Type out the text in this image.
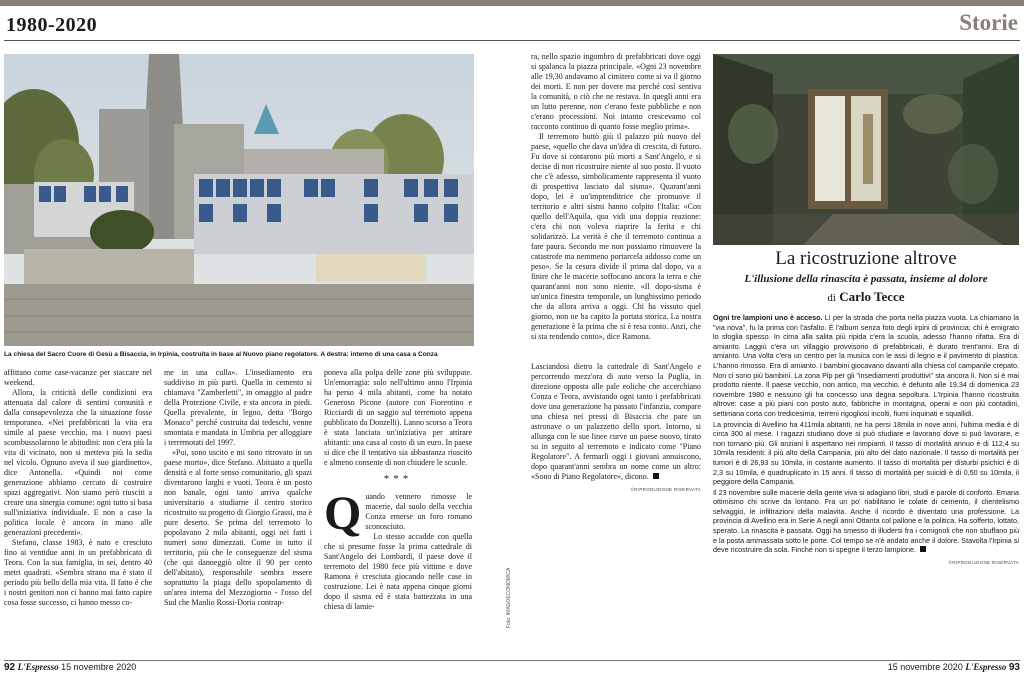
1980-2020	Storie
La chiesa del Sacro Cuore di Gesù a Bisaccia, in Irpinia, costruita in base al Nuovo piano regolatore. A destra: interno di una casa a Conza

affittano come case-vacanze per staccare nel weekend.

Allora, la criticità delle condizioni era attenuata dal calore di sentirsi comunità e dalla consapevolezza che la situazione fosse temporanea. «Nei prefabbricati la vita era simile al paese vecchio, ma i nuovi paesi scombussolarono le abitudini: non c'era più la vita di vicinato, non si metteva più la sedia nel vicolo. Ognuno aveva il suo giardinetto», dice Antonella. «Quindi noi come generazione abbiamo cercato di costruire spazi aggregativi. Non siamo però riusciti a creare una sinergia comune: ogni tutto si basa sull'iniziativa individuale. E non a caso la politica locale è ancora in mano alle generazioni precedenti».

Stefano, classe 1983, è nato e cresciuto fino ai ventidue anni in un prefabbricato di Teora. Con la sua famiglia, in sei, dentro 40 metri quadrati. «Sembra strano ma è stato il periodo più bello della mia vita. Il fatto è che i nostri genitori non ci hanno mai fatto capire cosa fosse successo, ci hanno messo co-

me in una culla». L'insediamento era suddiviso in più parti. Quella in cemento si chiamava "Zamberletti", in omaggio al padre della Protezione Civile, e sta ancora in piedi. Quella prevalente, in legno, detta "Borgo Monaco" perché costruita dai tedeschi, venne smontata e mandata in Umbria per alloggiare i terremotati del 1997.

«Poi, sono uscito e mi sono ritrovato in un paese morto», dice Stefano. Abituato a quella densità e al forte senso comunitario, gli spazi diventarono larghi e vuoti. Teora è un posto non banale, ogni tanto arriva qualche universitario a studiarne il centro storico ricostruito su progetto di Giorgio Grassi, ma è pure deserto. Se prima del terremoto lo popolavano 2 mila abitanti, oggi nei fatti i numeri sono dimezzati. Come in tutto il territorio, più che le conseguenze del sisma (che qui danneggiò oltre il 90 per cento dell'abitato), responsabile sembra essere soprattutto la piaga dello spopolamento di un'area interna del Mezzogiorno - l'osso del Sud che Manlio Rossi-Doria contrap-

poneva alla polpa delle zone più sviluppate. Un'emorragia: solo nell'ultimo anno l'Irpinia ha perso 4 mila abitanti, come ha notato Generoso Picone (autore con Fiorentino e Ricciardi di un saggio sul terremoto appena pubblicato da Donzelli). Lanno scorso a Teora è stata lanciata un'iniziativa per attirare abitanti: una casa al costo di un euro. In paese si dice che il tentativo sia abbastanza riuscito e almeno consente di non chiudere le scuole.

***

Quando vennero rimosse le macerie, dal suolo della vecchia Conza emerse un foro romano sconosciuto.

Lo stesso accadde con quella che si presume fosse la prima cattedrale di Sant'Angelo dei Lombardi, il paese dove il terremoto del 1980 fece più vittime e dove Ramona è cresciuta giocando nelle case in costruzione. Lei è nata appena cinque giorni dopo il sisma ed è stata battezzata in una chiesa di lamie-

ra, nello spazio ingombro di prefabbricati dove oggi si spalanca la piazza principale. «Ogni 23 novembre alle 19,30 andavamo al cimitero come si va il giorno dei morti. E non per dovere ma perché così sentiva la comunità, o ciò che ne restava. In quegli anni era un lutto perenne, non c'erano feste pubbliche e non c'erano processioni. Noi intanto crescevamo col racconto continuo di quanto fosse meglio prima».

Il terremoto buttò giù il palazzo più nuovo del paese, «quello che dava un'idea di crescita, di futuro. Fu dove si contarono più morti a Sant'Angelo, e si decise di non ricostruire niente al suo posto. Il vuoto che c'è adesso, simbolicamente rappresenta il vuoto di prospettiva lasciato dal sisma». Quarant'anni dopo, lei è un'imprenditrice che promuove il territorio e altri sismi hanno colpito l'Italia: «Con quello dell'Aquila, qua vidi una doppia reazione: c'era chi non voleva riaprire la ferita e chi solidarizzò. La verità è che il terremoto continua a fare paura. Secondo me non possiamo rimuovere la catastrofe ma nemmeno portarcela addosso come un peso». Se la cesura divide il prima dal dopo, va a finire che le macerie soffocano ancora la terra e che quarant'anni non sono niente. «Il dopo-sisma è un'unica finestra temporale, un lunghissimo periodo che da allora arriva a oggi. Chi ha vissuto quel giorno, non ne ha capito la portata storica. La nostra generazione è la prima che si è resa conto. Anzi, che si sta rendendo conto», dice Ramona.

Lasciandosi dietro la cattedrale di Sant'Angelo e percorrendo mezz'ora di auto verso la Puglia, in direzione opposta alle pale eoliche che accerchiano Conza e Teora, avvistando ogni tanto i prefabbricati dove una generazione ha passato l'infanzia, compare una chiesa nei pressi di Bisaccia che pare un astronave o un palazzetto dello sport. Intorno, si allunga con le sue linee curve un paese nuovo, tirato su in seguito al terremoto e indicato come "Piano Regolatore". A fermarli oggi i giovani annuiscono, dopo quarant'anni sembra un nome come un altro: «Sono di Piano Regolatore», dicono.

©RIPRODUZIONE RISERVATA
Foto: IMAGOECONOMICA
La ricostruzione altrove
L'illusione della rinascita è passata, insieme al dolore
di Carlo Tecce

Ogni tre lampioni uno è acceso. Lì per la strada che porta nella piazza vuota. La chiamano la "via nova", fu la prima con l'asfalto. È l'album senza foto degli irpini di provincia; chi è emigrato lo sfoglia spesso. In cima alla salita più ripida c'era la scuola, adesso l'hanno rifatta. Era di amianto. Laggiù c'era un villaggio provvisorio di prefabbricati, è durato trent'anni. Era di amianto. Una volta c'era un centro per la musica con le assi di legno e il pavimento di plastica. L'hanno rimosso. Era di amianto. I bambini giocavano davanti alla chiesa col campanile crepato. Non ci sono più bambini. La zona Pip per gli "insediamenti produttivi" sta ancora lì. Non si è mai prodotto niente. Il paese vecchio, non antico, ma vecchio, è defunto alle 19,34 di domenica 23 novembre 1980 e nessuno gli ha concesso una degna sepoltura. L'Irpinia l'hanno ricostruita altrove: case a più piani con posto auto, fabbriche in montagna, operai e non più contadini, settimana corta con tredicesima, terreni rigogliosi incolti, fiumi inquinati e squallidi.

La provincia di Avellino ha 411mila abitanti, ne ha persi 18mila in nove anni, l'ultima media è di circa 300 al mese. I ragazzi studiano dove si può studiare e lavorano dove si può lavorare, e non tornano più. Gli anziani li aspettano nei rimpianti. Il tasso di mortalità annuo è di 112,4 su 10mila residenti: il più alto della Campania, più alto del dato nazionale. Il tasso di mortalità per tumori è di 26,93 su 10mila, in costante aumento. Il tasso di mortalità per disturbi psichici è di 2,3 su 10mila, è quadruplicato in 15 anni. Il tasso di mortalità per suicidi è di 0,50 su 10mila, il peggiore della Campania.

Il 23 novembre sulle macerie della gente viva si adagiano libri, studi e parole di conforto. Emana ottimismo chi scrive da lontano. Fra un po' riabilitano le colate di cemento, il clientelismo selvaggio, le infiltrazioni della malavita. Anche il ricordo è diventato una professione. La provincia di Avellino era in Serie A negli anni Ottanta col pallone e la politica. Ha sofferto, lottato, sperato. La rinascita è passata. Oggi ha smesso di illudersi fra i comignoli che non sbuffano più e la posta ammassata sotto le porte. Col tempo se n'è andato anche il dolore. Stavolta l'Irpinia si deve ricostruire da sola. Finché non si spegne il terzo lampione.

©RIPRODUZIONE RISERVATA
92 L'Espresso 15 novembre 2020	15 novembre 2020 L'Espresso 93
